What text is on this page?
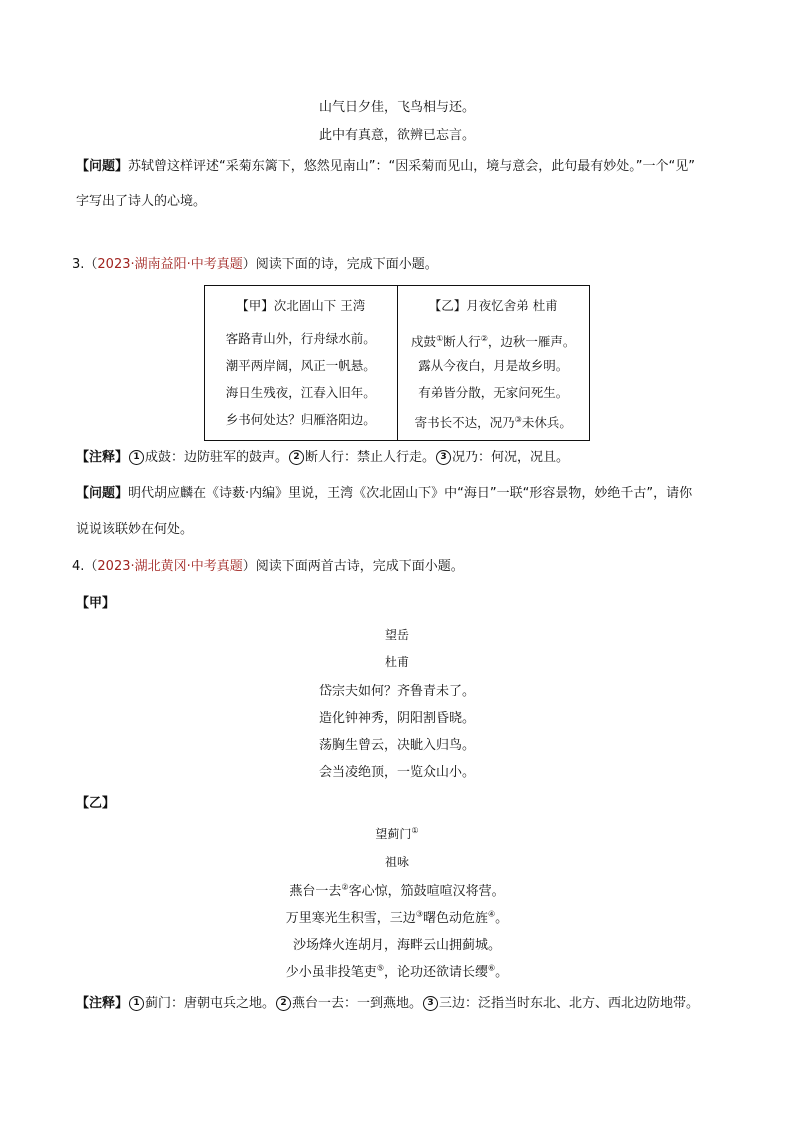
山气日夕佳，飞鸟相与还。
此中有真意，欲辨已忘言。
【问题】苏轼曾这样评述“采菊东篱下，悠然见南山”：“因采菊而见山，境与意会，此句最有妙处。”一个“见”
字写出了诗人的心境。
3.（2023·湖南益阳·中考真题）阅读下面的诗，完成下面小题。
【甲】次北固山下 王湾
客路青山外，行舟绿水前。
潮平两岸阔，风正一帆悬。
海日生残夜，江春入旧年。
乡书何处达？归雁洛阳边。
【乙】月夜忆舍弟 杜甫
戍鼓①断人行②，边秋一雁声。
露从今夜白，月是故乡明。
有弟皆分散，无家问死生。
寄书长不达，况乃③未休兵。
【注释】 1 成鼓：边防驻军的鼓声。 2 断人行：禁止人行走。 3 况乃：何况，况且。
【问题】明代胡应麟在《诗薮·内编》里说，王湾《次北固山下》中“海日”一联“形容景物，妙绝千古”，请你
说说该联妙在何处。
4.（2023·湖北黄冈·中考真题）阅读下面两首古诗，完成下面小题。
【甲】
望岳
杜甫
岱宗夫如何？齐鲁青未了。
造化钟神秀，阴阳割昏晓。
荡胸生曾云，决眦入归鸟。
会当凌绝顶，一览众山小。
【乙】
望蓟门①
祖咏
燕台一去②客心惊，笳鼓喧喧汉将营。
万里寒光生积雪，三边③曙色动危旌④。
沙场烽火连胡月，海畔云山拥蓟城。
少小虽非投笔吏⑤，论功还欲请长缨⑥。
【注释】 1 蓟门：唐朝屯兵之地。 2 燕台一去：一到燕地。 3 三边：泛指当时东北、北方、西北边防地带。
